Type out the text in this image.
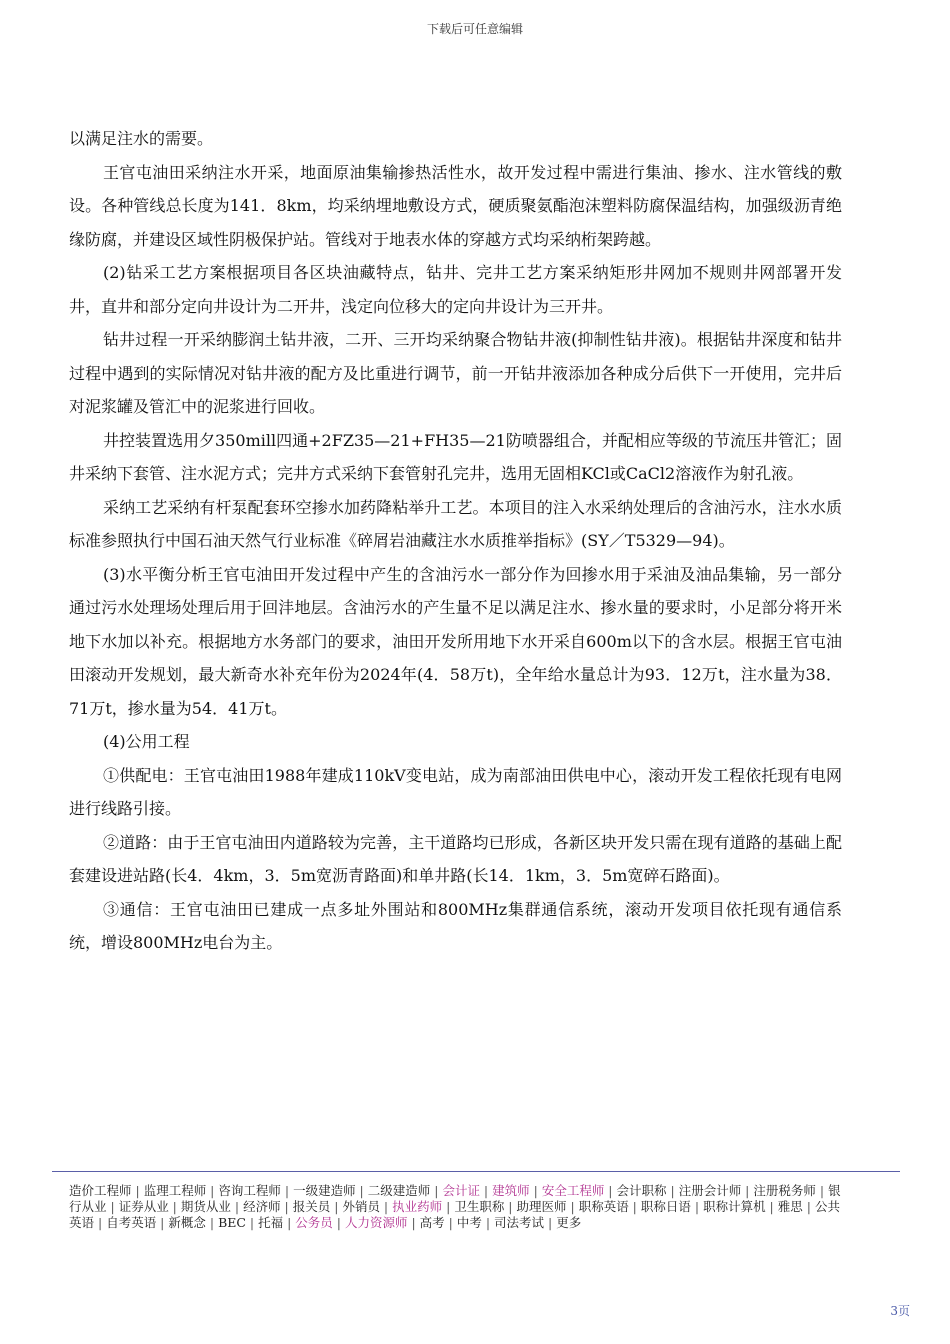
下载后可任意编辑

以满足注水的需要。

王官屯油田采纳注水开采，地面原油集输掺热活性水，故开发过程中需进行集油、掺水、注水管线的敷设。各种管线总长度为141．8km，均采纳埋地敷设方式，硬质聚氨酯泡沫塑料防腐保温结构，加强级沥青绝缘防腐，并建设区域性阴极保护站。管线对于地表水体的穿越方式均采纳桁架跨越。

(2)钻采工艺方案根据项目各区块油藏特点，钻井、完井工艺方案采纳矩形井网加不规则井网部署开发井，直井和部分定向井设计为二开井，浅定向位移大的定向井设计为三开井。

钻井过程一开采纳膨润土钻井液，二开、三开均采纳聚合物钻井液(抑制性钻井液)。根据钻井深度和钻井过程中遇到的实际情况对钻井液的配方及比重进行调节，前一开钻井液添加各种成分后供下一开使用，完井后对泥浆罐及管汇中的泥浆进行回收。

井控装置选用夕350mill四通+2FZ35—21+FH35—21防喷器组合，并配相应等级的节流压井管汇；固井采纳下套管、注水泥方式；完井方式采纳下套管射孔完井，选用无固相KCl或CaCl2溶液作为射孔液。

采纳工艺采纳有杆泵配套环空掺水加药降粘举升工艺。本项目的注入水采纳处理后的含油污水，注水水质标准参照执行中国石油天然气行业标准《碎屑岩油藏注水水质推举指标》(SY／T5329—94)。

(3)水平衡分析王官屯油田开发过程中产生的含油污水一部分作为回掺水用于采油及油品集输，另一部分通过污水处理场处理后用于回沣地层。含油污水的产生量不足以满足注水、掺水量的要求时，小足部分将开米地下水加以补充。根据地方水务部门的要求，油田开发所用地下水开采自600m以下的含水层。根据王官屯油田滚动开发规划，最大新奇水补充年份为2024年(4．58万t)，全年给水量总计为93．12万t，注水量为38．71万t，掺水量为54．41万t。

(4)公用工程

①供配电：王官屯油田1988年建成110kV变电站，成为南部油田供电中心，滚动开发工程依托现有电网进行线路引接。

②道路：由于王官屯油田内道路较为完善，主干道路均已形成，各新区块开发只需在现有道路的基础上配套建设进站路(长4．4km，3．5m宽沥青路面)和单井路(长14．1km，3．5m宽碎石路面)。

③通信：王官屯油田已建成一点多址外围站和800MHz集群通信系统，滚动开发项目依托现有通信系统，增设800MHz电台为主。

造价工程师 | 监理工程师 | 咨询工程师 | 一级建造师 | 二级建造师 | 会计证 | 建筑师 | 安全工程师 | 会计职称 | 注册会计师 | 注册税务师 | 银行从业 | 证券从业 | 期货从业 | 经济师 | 报关员 | 外销员 | 执业药师 | 卫生职称 | 助理医师 | 职称英语 | 职称日语 | 职称计算机 | 雅思 | 公共英语 | 自考英语 | 新概念 | BEC | 托福 | 公务员 | 人力资源师 | 高考 | 中考 | 司法考试 | 更多
3页
